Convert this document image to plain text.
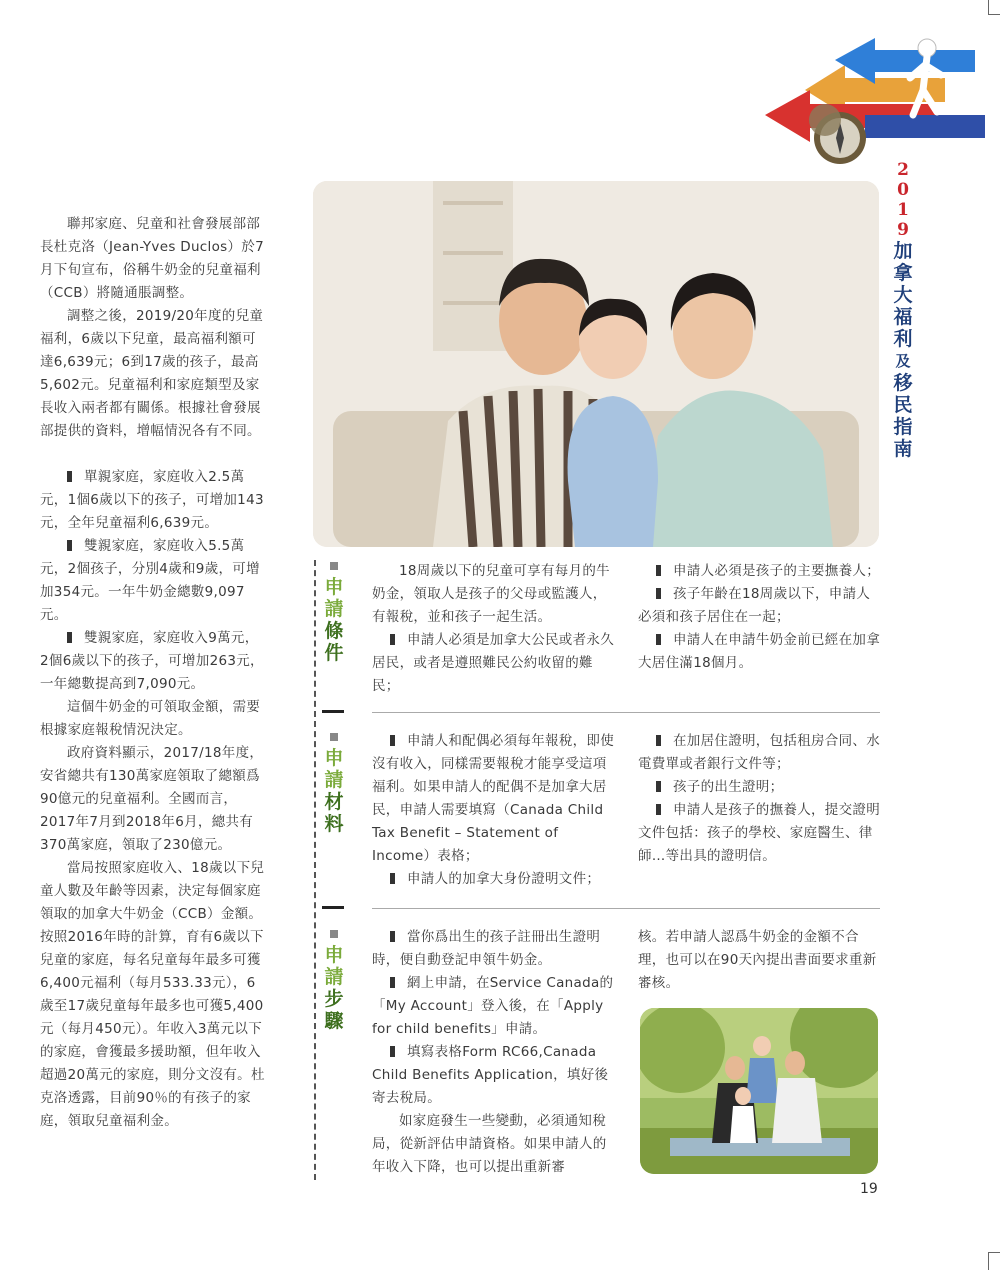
2
0
1
9
加
拿
大
福
利
及
移
民
指
南

聯邦家庭、兒童和社會發展部部長杜克洛（Jean-Yves Duclos）於7月下旬宣布，俗稱牛奶金的兒童福利（CCB）將隨通脹調整。

調整之後，2019/20年度的兒童福利，6歲以下兒童，最高福利額可達6,639元；6到17歲的孩子，最高5,602元。兒童福利和家庭類型及家長收入兩者都有關係。根據社會發展部提供的資料，增幅情況各有不同。

單親家庭，家庭收入2.5萬元，1個6歲以下的孩子，可增加143元，全年兒童福利6,639元。

雙親家庭，家庭收入5.5萬元，2個孩子，分別4歲和9歲，可增加354元。一年牛奶金總數9,097元。

雙親家庭，家庭收入9萬元，2個6歲以下的孩子，可增加263元，一年總數提高到7,090元。

這個牛奶金的可領取金額，需要根據家庭報稅情況決定。

政府資料顯示，2017/18年度，安省總共有130萬家庭領取了總額爲90億元的兒童福利。全國而言，2017年7月到2018年6月，總共有370萬家庭，領取了230億元。

當局按照家庭收入、18歲以下兒童人數及年齡等因素，決定每個家庭領取的加拿大牛奶金（CCB）金額。按照2016年時的計算，育有6歲以下兒童的家庭，每名兒童每年最多可獲6,400元福利（每月533.33元），6歲至17歲兒童每年最多也可獲5,400元（每月450元）。年收入3萬元以下的家庭，會獲最多援助額，但年收入超過20萬元的家庭，則分文沒有。杜克洛透露，目前90％的有孩子的家庭，領取兒童福利金。

申
請
條
件

18周歲以下的兒童可享有每月的牛奶金，領取人是孩子的父母或監護人，有報稅，並和孩子一起生活。

申請人必須是加拿大公民或者永久居民，或者是遵照難民公約收留的難民；

申請人必須是孩子的主要撫養人；

孩子年齡在18周歲以下，申請人必須和孩子居住在一起；

申請人在申請牛奶金前已經在加拿大居住滿18個月。

申
請
材
料

申請人和配偶必須每年報稅，即使沒有收入，同樣需要報稅才能享受這項福利。如果申請人的配偶不是加拿大居民，申請人需要填寫（Canada Child Tax Benefit – Statement of Income）表格；

申請人的加拿大身份證明文件；

在加居住證明，包括租房合同、水電費單或者銀行文件等；

孩子的出生證明；

申請人是孩子的撫養人，提交證明文件包括：孩子的學校、家庭醫生、律師…等出具的證明信。

申
請
步
驟

當你爲出生的孩子註冊出生證明時，便自動登記申領牛奶金。

網上申請，在Service Canada的「My Account」登入後，在「Apply for child benefits」申請。

填寫表格Form RC66,Canada Child Benefits Application，填好後寄去稅局。

如家庭發生一些變動，必須通知稅局，從新評估申請資格。如果申請人的年收入下降，也可以提出重新審

核。若申請人認爲牛奶金的金額不合理，也可以在90天內提出書面要求重新審核。

19
